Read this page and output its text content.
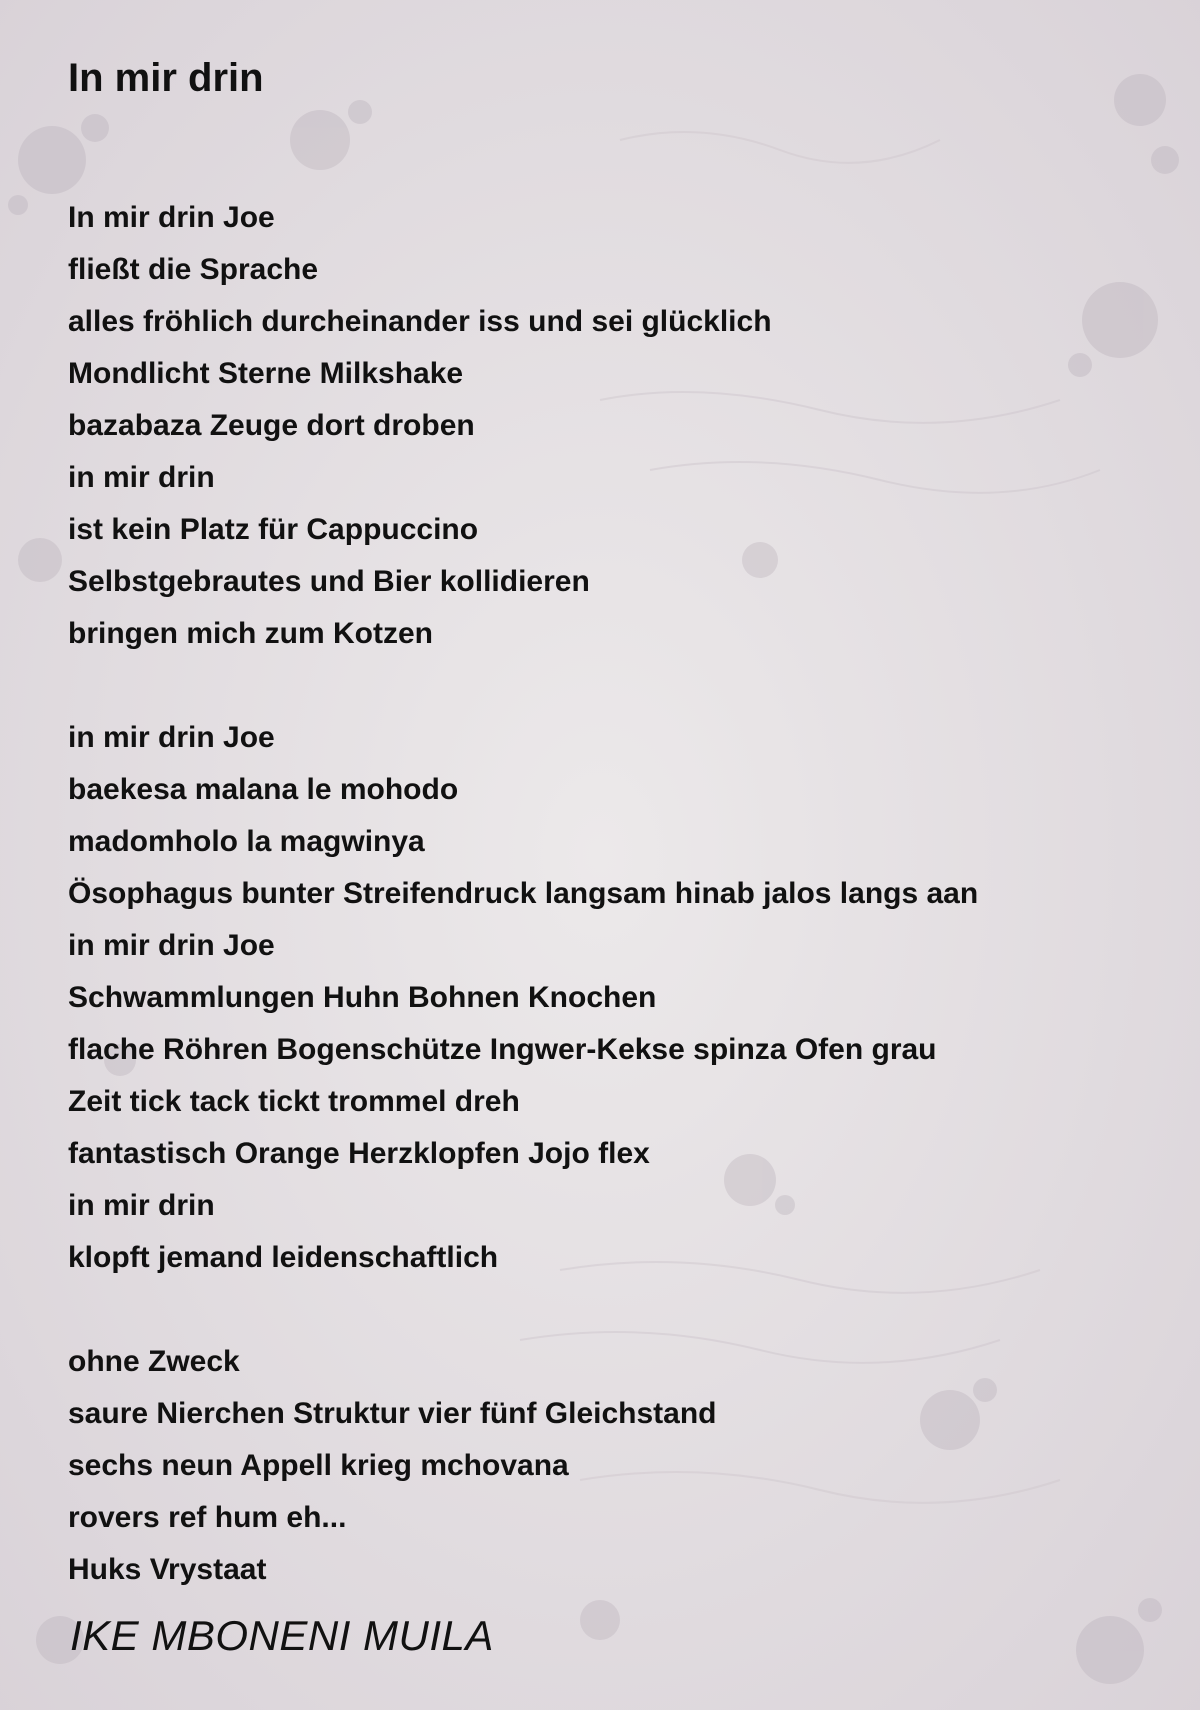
In mir drin
In mir drin Joe
fließt die Sprache
alles fröhlich durcheinander iss und sei glücklich
Mondlicht Sterne Milkshake
bazabaza Zeuge dort droben
in mir drin
ist kein Platz für Cappuccino
Selbstgebrautes und Bier kollidieren
bringen mich zum Kotzen
in mir drin Joe
baekesa malana le mohodo
madomholo la magwinya
Ösophagus bunter Streifendruck langsam hinab jalos langs aan
in mir drin Joe
Schwammlungen Huhn Bohnen Knochen
flache Röhren Bogenschütze Ingwer-Kekse spinza Ofen grau
Zeit tick tack tickt trommel dreh
fantastisch Orange Herzklopfen Jojo flex
in mir drin
klopft jemand leidenschaftlich
ohne Zweck
saure Nierchen Struktur vier fünf Gleichstand
sechs neun Appell krieg mchovana
rovers ref hum eh...
Huks Vrystaat
IKE MBONENI MUILA
